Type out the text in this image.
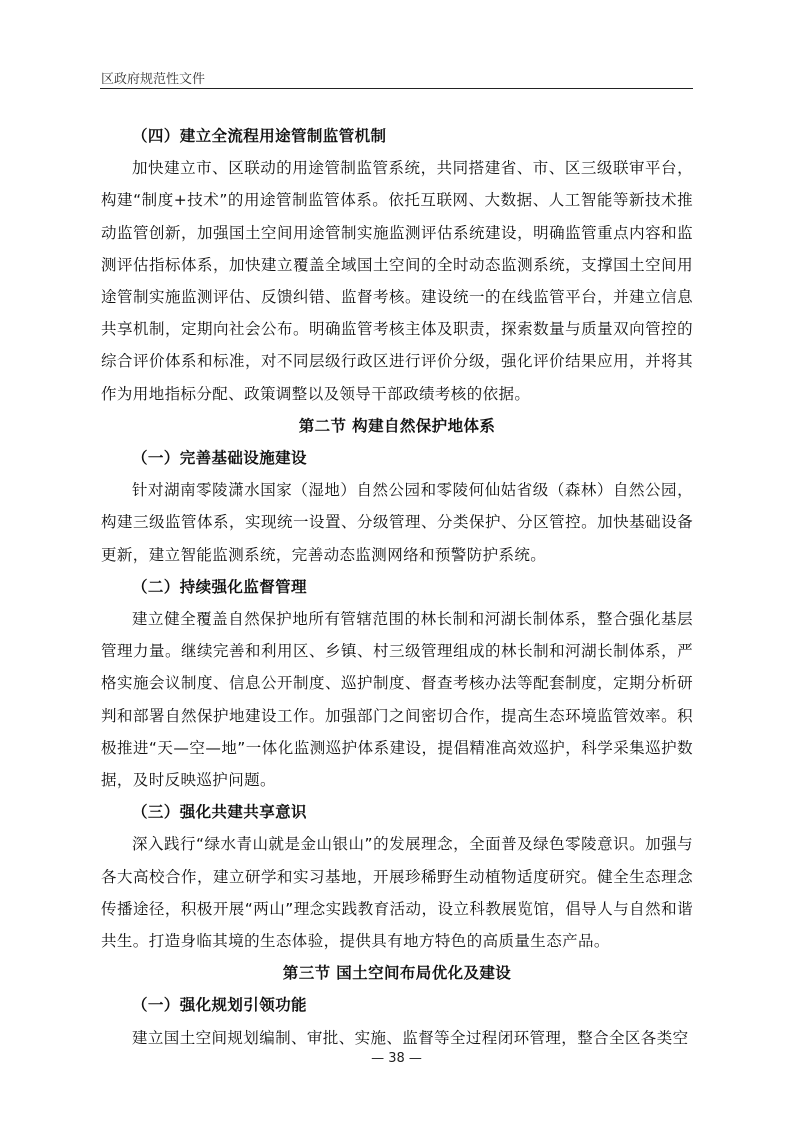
区政府规范性文件
（四）建立全流程用途管制监管机制

加快建立市、区联动的用途管制监管系统，共同搭建省、市、区三级联审平台，构建“制度+技术”的用途管制监管体系。依托互联网、大数据、人工智能等新技术推动监管创新，加强国土空间用途管制实施监测评估系统建设，明确监管重点内容和监测评估指标体系，加快建立覆盖全域国土空间的全时动态监测系统，支撑国土空间用途管制实施监测评估、反馈纠错、监督考核。建设统一的在线监管平台，并建立信息共享机制，定期向社会公布。明确监管考核主体及职责，探索数量与质量双向管控的综合评价体系和标准，对不同层级行政区进行评价分级，强化评价结果应用，并将其作为用地指标分配、政策调整以及领导干部政绩考核的依据。

第二节 构建自然保护地体系
（一）完善基础设施建设

针对湖南零陵潇水国家（湿地）自然公园和零陵何仙姑省级（森林）自然公园，构建三级监管体系，实现统一设置、分级管理、分类保护、分区管控。加快基础设备更新，建立智能监测系统，完善动态监测网络和预警防护系统。

（二）持续强化监督管理

建立健全覆盖自然保护地所有管辖范围的林长制和河湖长制体系，整合强化基层管理力量。继续完善和利用区、乡镇、村三级管理组成的林长制和河湖长制体系，严格实施会议制度、信息公开制度、巡护制度、督查考核办法等配套制度，定期分析研判和部署自然保护地建设工作。加强部门之间密切合作，提高生态环境监管效率。积极推进“天—空—地”一体化监测巡护体系建设，提倡精准高效巡护，科学采集巡护数据，及时反映巡护问题。

（三）强化共建共享意识

深入践行“绿水青山就是金山银山”的发展理念，全面普及绿色零陵意识。加强与各大高校合作，建立研学和实习基地，开展珍稀野生动植物适度研究。健全生态理念传播途径，积极开展“两山”理念实践教育活动，设立科教展览馆，倡导人与自然和谐共生。打造身临其境的生态体验，提供具有地方特色的高质量生态产品。

第三节 国土空间布局优化及建设
（一）强化规划引领功能

建立国土空间规划编制、审批、实施、监督等全过程闭环管理，整合全区各类空

— 38 —
